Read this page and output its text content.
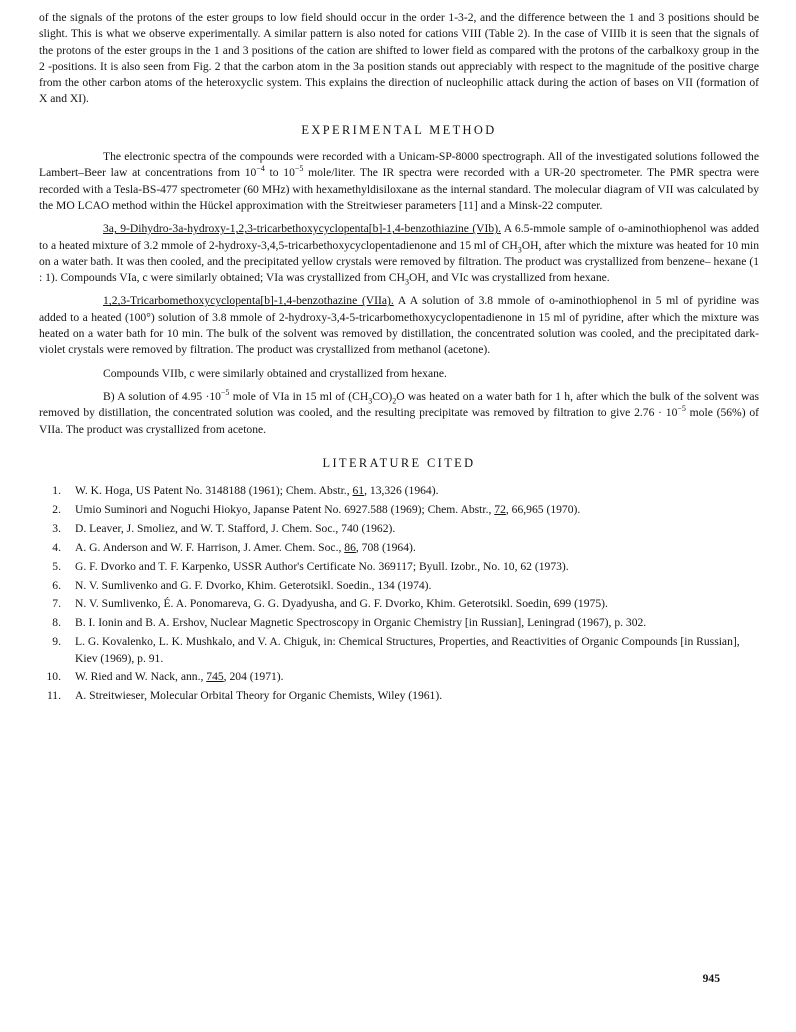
of the signals of the protons of the ester groups to low field should occur in the order 1-3-2, and the difference between the 1 and 3 positions should be slight. This is what we observe experimentally. A similar pattern is also noted for cations VIII (Table 2). In the case of VIIIb it is seen that the signals of the protons of the ester groups in the 1 and 3 positions of the cation are shifted to lower field as compared with the protons of the carbalkoxy group in the 2 -positions. It is also seen from Fig. 2 that the carbon atom in the 3a position stands out appreciably with respect to the magnitude of the positive charge from the other carbon atoms of the heteroxyclic system. This explains the direction of nucleophilic attack during the action of bases on VII (formation of X and XI).

EXPERIMENTAL METHOD

The electronic spectra of the compounds were recorded with a Unicam-SP-8000 spectrograph. All of the investigated solutions followed the Lambert–Beer law at concentrations from $10^{-4}$ to $10^{-5}$ mole/liter. The IR spectra were recorded with a UR-20 spectrometer. The PMR spectra were recorded with a Tesla-BS-477 spectrometer (60 MHz) with hexamethyldisiloxane as the internal standard. The molecular diagram of VII was calculated by the MO LCAO method within the Hückel approximation with the Streitwieser parameters [11] and a Minsk-22 computer.

3a, 9-Dihydro-3a-hydroxy-1,2,3-tricarbethoxycyclopenta[b]-1,4-benzothiazine (VIb). A 6.5-mmole sample of o-aminothiophenol was added to a heated mixture of 3.2 mmole of 2-hydroxy-3,4,5-tricarbethoxycyclopentadienone and 15 ml of $CH_3OH$, after which the mixture was heated for 10 min on a water bath. It was then cooled, and the precipitated yellow crystals were removed by filtration. The product was crystallized from benzene– hexane (1 : 1). Compounds VIa, c were similarly obtained; VIa was crystallized from $CH_3OH$, and VIc was crystallized from hexane.

1,2,3-Tricarbomethoxycyclopenta[b]-1,4-benzothazine (VIIa). A A solution of 3.8 mmole of o-aminothiophenol in 5 ml of pyridine was added to a heated (100°) solution of 3.8 mmole of 2-hydroxy-3,4-5-tricarbomethoxycyclopentadienone in 15 ml of pyridine, after which the mixture was heated on a water bath for 10 min. The bulk of the solvent was removed by distillation, the concentrated solution was cooled, and the precipitated dark-violet crystals were removed by filtration. The product was crystallized from methanol (acetone).

Compounds VIIb, c were similarly obtained and crystallized from hexane.

B) A solution of $4.95 \cdot 10^{-5}$ mole of VIa in 15 ml of $(CH_3CO)_2O$ was heated on a water bath for 1 h, after which the bulk of the solvent was removed by distillation, the concentrated solution was cooled, and the resulting precipitate was removed by filtration to give $2.76 \cdot 10^{-5}$ mole (56%) of VIIa. The product was crystallized from acetone.

LITERATURE CITED
1. W. K. Hoga, US Patent No. 3148188 (1961); Chem. Abstr., 61, 13,326 (1964).
2. Umio Suminori and Noguchi Hiokyo, Japanse Patent No. 6927.588 (1969); Chem. Abstr., 72, 66,965 (1970).
3. D. Leaver, J. Smoliez, and W. T. Stafford, J. Chem. Soc., 740 (1962).
4. A. G. Anderson and W. F. Harrison, J. Amer. Chem. Soc., 86, 708 (1964).
5. G. F. Dvorko and T. F. Karpenko, USSR Author's Certificate No. 369117; Byull. Izobr., No. 10, 62 (1973).
6. N. V. Sumlivenko and G. F. Dvorko, Khim. Geterotsikl. Soedin., 134 (1974).
7. N. V. Sumlivenko, É. A. Ponomareva, G. G. Dyadyusha, and G. F. Dvorko, Khim. Geterotsikl. Soedin, 699 (1975).
8. B. I. Ionin and B. A. Ershov, Nuclear Magnetic Spectroscopy in Organic Chemistry [in Russian], Leningrad (1967), p. 302.
9. L. G. Kovalenko, L. K. Mushkalo, and V. A. Chiguk, in: Chemical Structures, Properties, and Reactivities of Organic Compounds [in Russian], Kiev (1969), p. 91.
10. W. Ried and W. Nack, ann., 745, 204 (1971).
11. A. Streitwieser, Molecular Orbital Theory for Organic Chemists, Wiley (1961).
945
